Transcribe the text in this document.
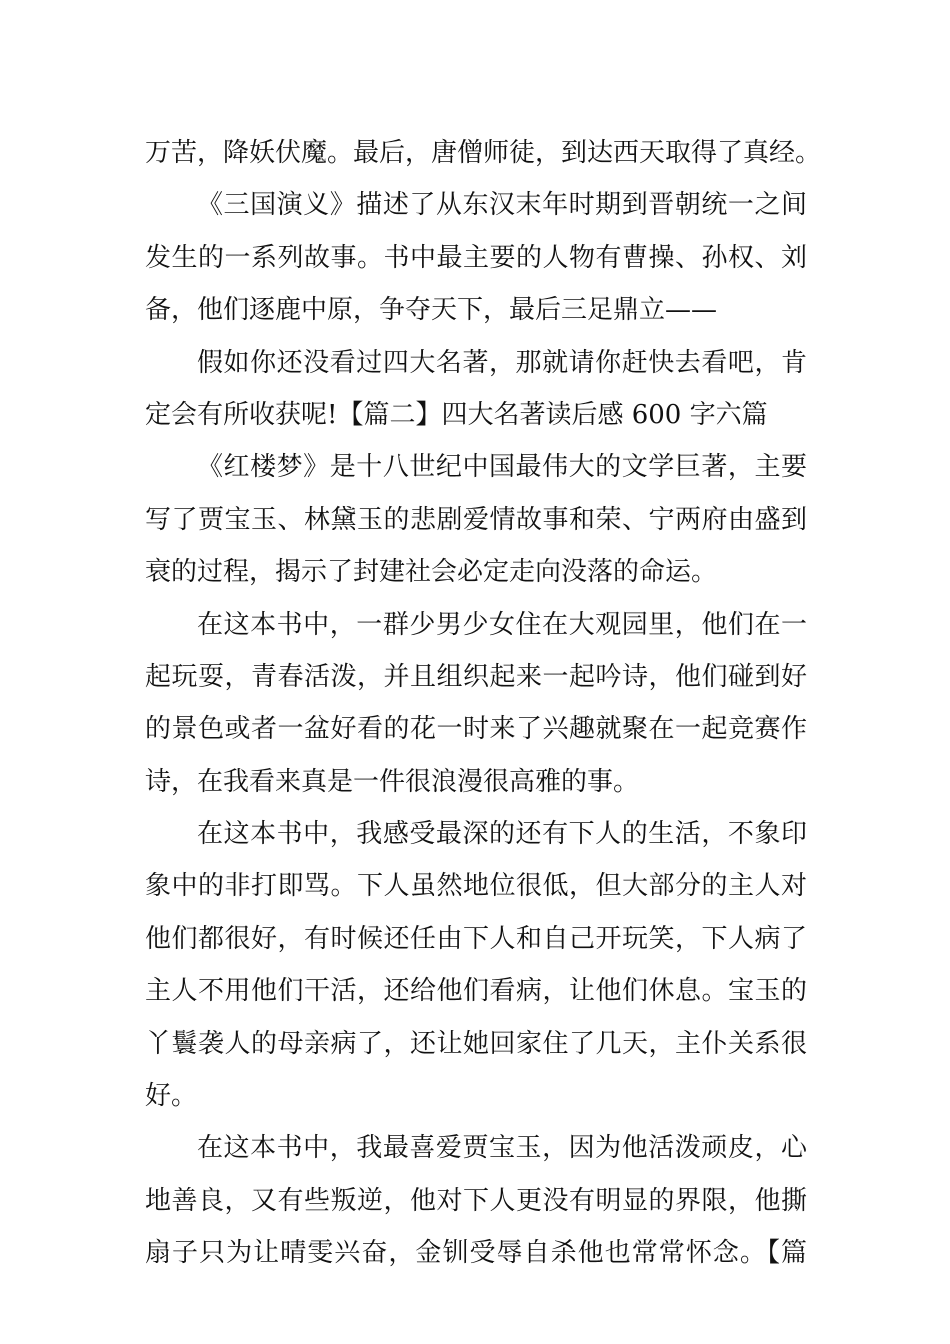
万苦，降妖伏魔。最后，唐僧师徒，到达西天取得了真经。
《三国演义》描述了从东汉末年时期到晋朝统一之间
发生的一系列故事。书中最主要的人物有曹操、孙权、刘
备，他们逐鹿中原，争夺天下，最后三足鼎立——
假如你还没看过四大名著，那就请你赶快去看吧，肯
定会有所收获呢!【篇二】四大名著读后感 600 字六篇
《红楼梦》是十八世纪中国最伟大的文学巨著，主要
写了贾宝玉、林黛玉的悲剧爱情故事和荣、宁两府由盛到
衰的过程，揭示了封建社会必定走向没落的命运。
在这本书中，一群少男少女住在大观园里，他们在一
起玩耍，青春活泼，并且组织起来一起吟诗，他们碰到好
的景色或者一盆好看的花一时来了兴趣就聚在一起竞赛作
诗，在我看来真是一件很浪漫很高雅的事。
在这本书中，我感受最深的还有下人的生活，不象印
象中的非打即骂。下人虽然地位很低，但大部分的主人对
他们都很好，有时候还任由下人和自己开玩笑，下人病了
主人不用他们干活，还给他们看病，让他们休息。宝玉的
丫鬟袭人的母亲病了，还让她回家住了几天，主仆关系很
好。
在这本书中，我最喜爱贾宝玉，因为他活泼顽皮，心
地善良，又有些叛逆，他对下人更没有明显的界限，他撕
扇子只为让晴雯兴奋，金钏受辱自杀他也常常怀念。【篇
